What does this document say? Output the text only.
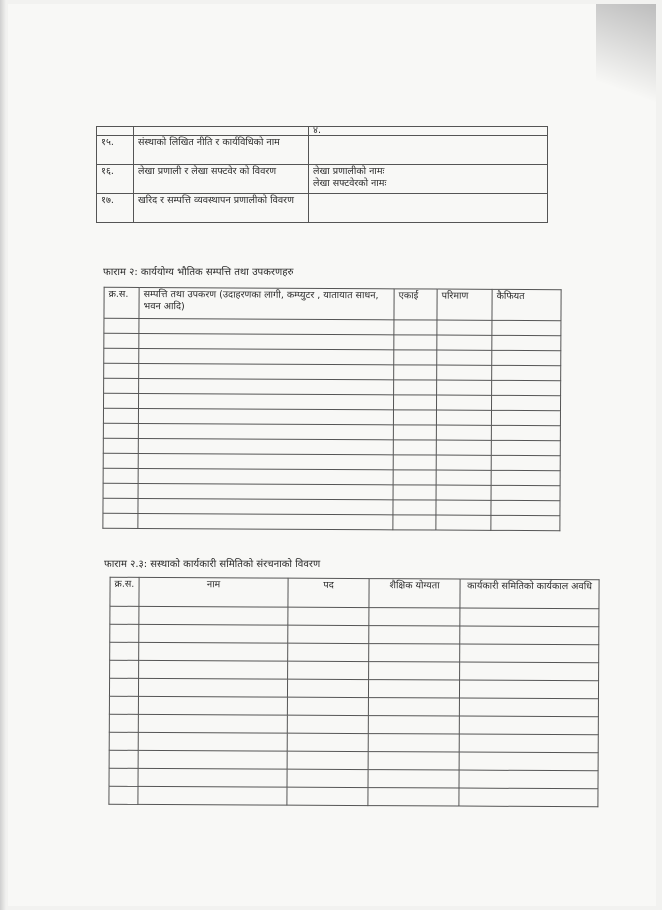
		४.
१५.	संस्थाको लिखित नीति र कार्यविधिको नाम	
१६.	लेखा प्रणाली र लेखा सफ्टवेर को विवरण	लेखा प्रणालीको नामः
लेखा सफ्टवेरको नामः

१७.	खरिद र सम्पत्ति व्यवस्थापन प्रणालीको विवरण	
फाराम २: कार्ययोग्य भौतिक सम्पत्ति तथा उपकरणहरु
क्र.स.	सम्पत्ति तथा उपकरण (उदाहरणका लागी, कम्प्युटर , यातायात साधन, भवन आदि)	एकाई	परिमाण	कैफियत

फाराम २.३: सस्थाको कार्यकारी समितिको संरचनाको विवरण
क्र.स.	नाम	पद	शैक्षिक योग्यता	कार्यकारी समितिको कार्यकाल अवधि
